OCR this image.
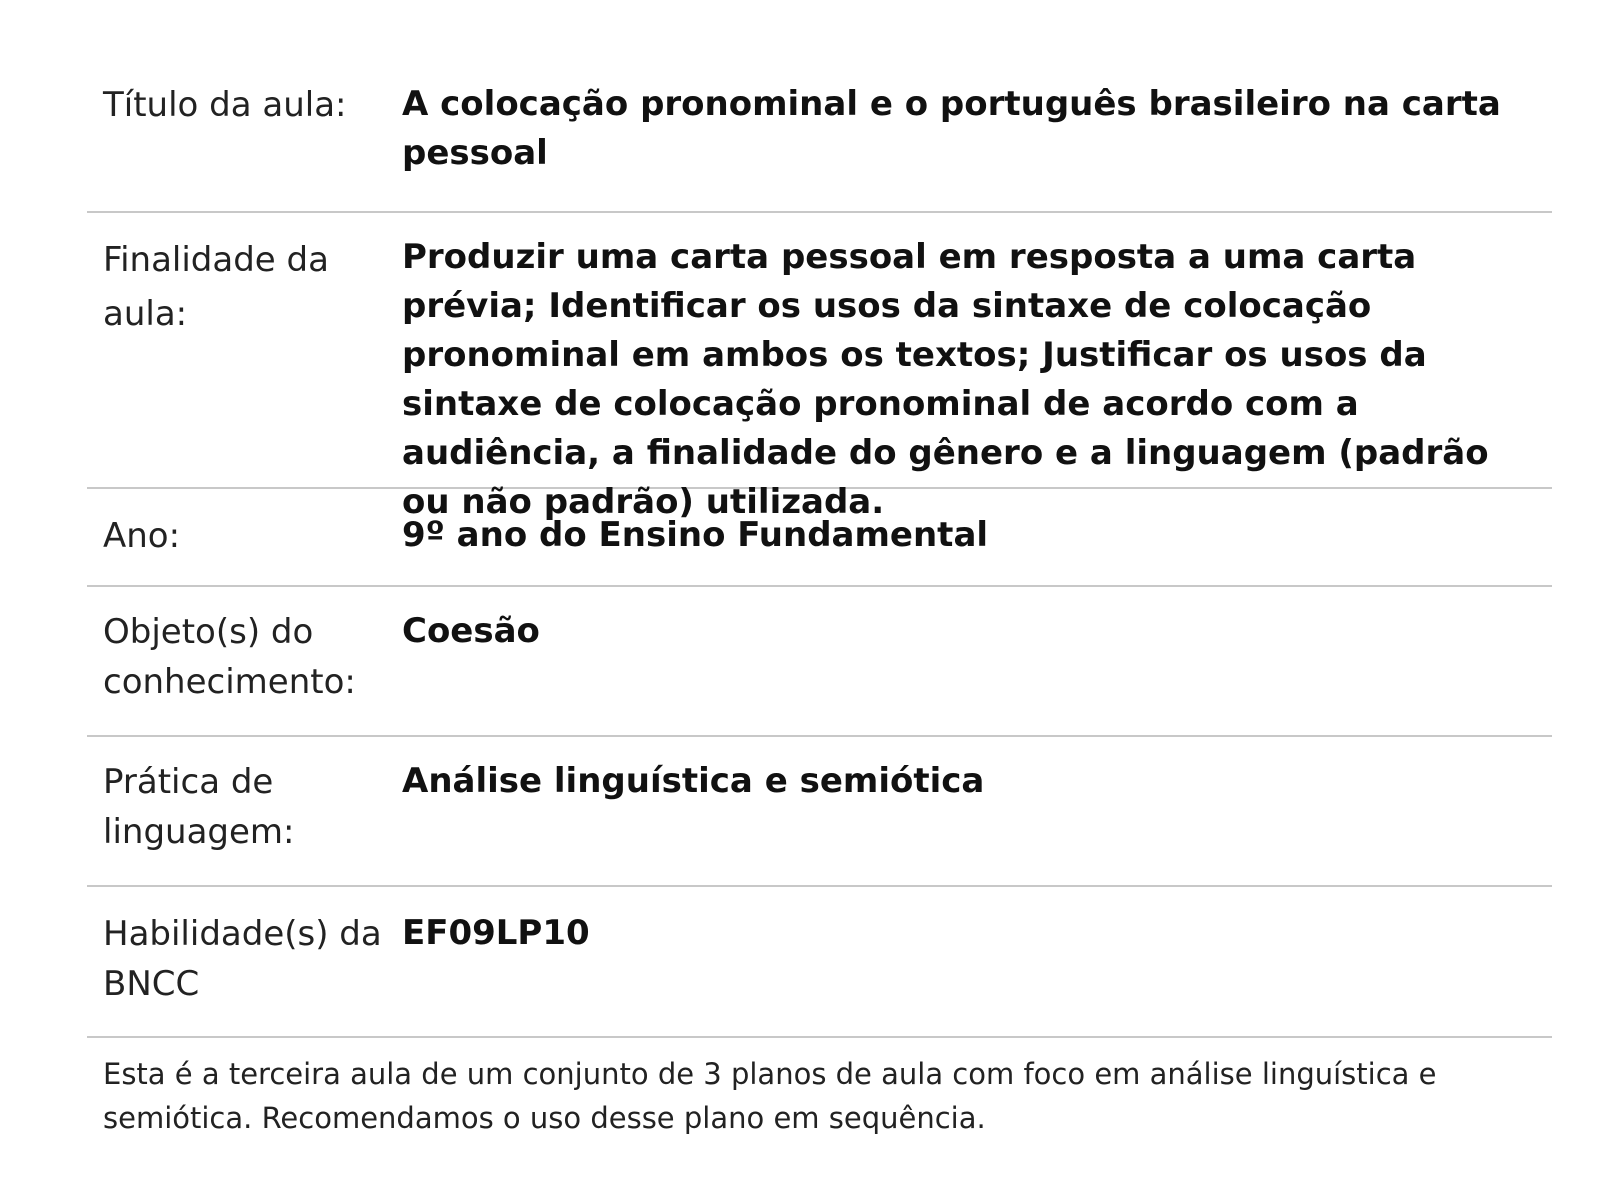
Título da aula:	A colocação pronominal e o português brasileiro na carta pessoal
Finalidade da aula:
Produzir uma carta pessoal em resposta a uma carta prévia; Identificar os usos da sintaxe de colocação pronominal em ambos os textos; Justificar os usos da sintaxe de colocação pronominal de acordo com a audiência, a finalidade do gênero e a linguagem (padrão ou não padrão) utilizada.
Ano:	9º ano do Ensino Fundamental
Objeto(s) do conhecimento:
Coesão
Prática de linguagem:
Análise linguística e semiótica
Habilidade(s) da BNCC
EF09LP10
Esta é a terceira aula de um conjunto de 3 planos de aula com foco em análise linguística e semiótica. Recomendamos o uso desse plano em sequência.
